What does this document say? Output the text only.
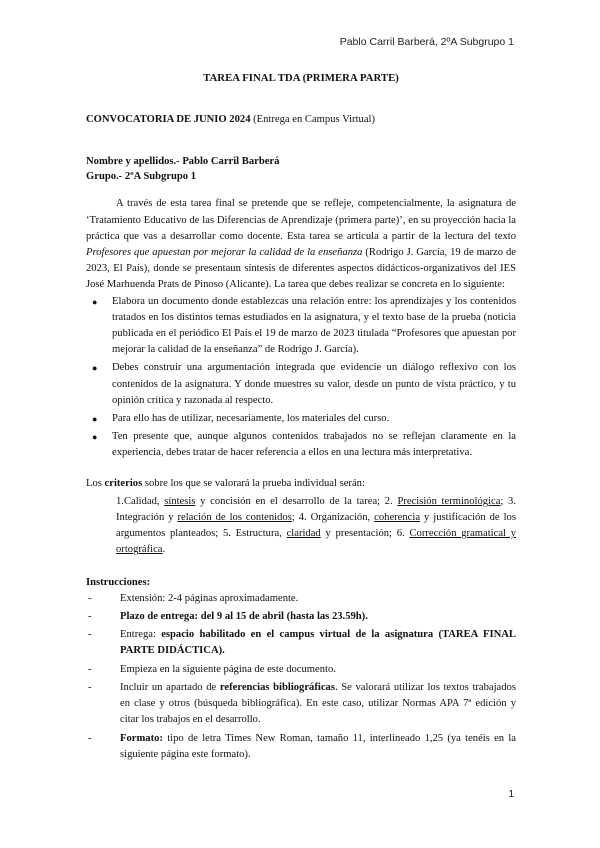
Pablo Carril Barberá, 2ºA Subgrupo 1

TAREA FINAL TDA (PRIMERA PARTE)

CONVOCATORIA DE JUNIO 2024 (Entrega en Campus Virtual)

Nombre y apellidos.- Pablo Carril Barberá
Grupo.- 2ºA Subgrupo 1

A través de esta tarea final se pretende que se refleje, competencialmente, la asignatura de ‘Tratamiento Educativo de las Diferencias de Aprendizaje (primera parte)’, en su proyección hacia la práctica que vas a desarrollar como docente. Esta tarea se articula a partir de la lectura del texto Profesores que apuestan por mejorar la calidad de la enseñanza (Rodrigo J. García, 19 de marzo de 2023, El País), donde se presentaun síntesis de diferentes aspectos didácticos-organizativos del IES José Marhuenda Prats de Pinoso (Alicante). La tarea que debes realizar se concreta en lo siguiente:

● Elabora un documento donde establezcas una relación entre: los aprendizajes y los contenidos tratados en los distintos temas estudiados en la asignatura, y el texto base de la prueba (noticia publicada en el periódico El País el 19 de marzo de 2023 titulada “Profesores que apuestan por mejorar la calidad de la enseñanza” de Rodrigo J. García).
● Debes construir una argumentación integrada que evidencie un diálogo reflexivo con los contenidos de la asignatura. Y donde muestres su valor, desde un punto de vista práctico, y tu opinión crítica y razonada al respecto.
● Para ello has de utilizar, necesariamente, los materiales del curso.
● Ten presente que, aunque algunos contenidos trabajados no se reflejan claramente en la experiencia, debes tratar de hacer referencia a ellos en una lectura más interpretativa.

Los criterios sobre los que se valorará la prueba individual serán:

1.Calidad, síntesis y concisión en el desarrollo de la tarea; 2. Precisión terminológica; 3. Integración y relación de los contenidos; 4. Organización, coherencia y justificación de los argumentos planteados; 5. Estructura, claridad y presentación; 6. Corrección gramatical y ortográfica.

Instrucciones:

- Extensión: 2-4 páginas aproximadamente.
- Plazo de entrega: del 9 al 15 de abril (hasta las 23.59h).
- Entrega: espacio habilitado en el campus virtual de la asignatura (TAREA FINAL PARTE DIDÁCTICA).
- Empieza en la siguiente página de este documento.
- Incluir un apartado de referencias bibliográficas. Se valorará utilizar los textos trabajados en clase y otros (búsqueda bibliográfica). En este caso, utilizar Normas APA 7ª edición y citar los trabajos en el desarrollo.
- Formato: tipo de letra Times New Roman, tamaño 11, interlineado 1,25 (ya tenéis en la siguiente página este formato).
1
